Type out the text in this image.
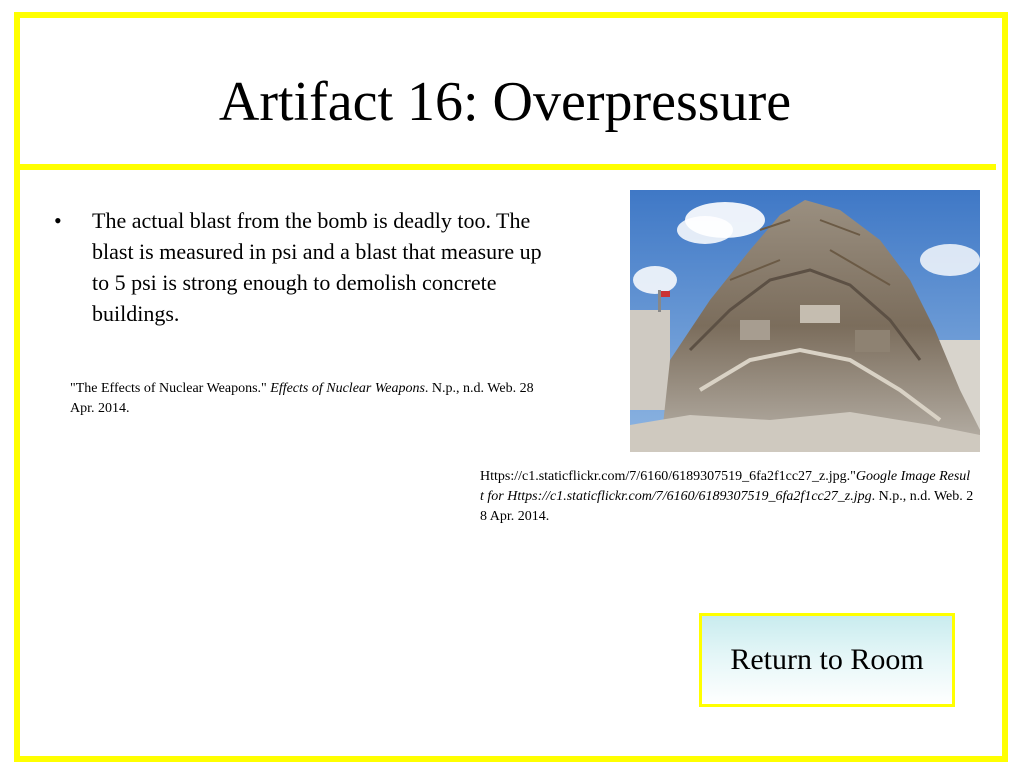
Artifact 16: Overpressure
• The actual blast from the bomb is deadly too. The blast is measured in psi and a blast that measure up to 5 psi is strong enough to demolish concrete buildings.
"The Effects of Nuclear Weapons." Effects of Nuclear Weapons. N.p., n.d. Web. 28 Apr. 2014.
Https://c1.staticflickr.com/7/6160/6189307519_6fa2f1cc27_z.jpg."Google Image Result for Https://c1.staticflickr.com/7/6160/6189307519_6fa2f1cc27_z.jpg. N.p., n.d. Web. 28 Apr. 2014.
Return to Room
